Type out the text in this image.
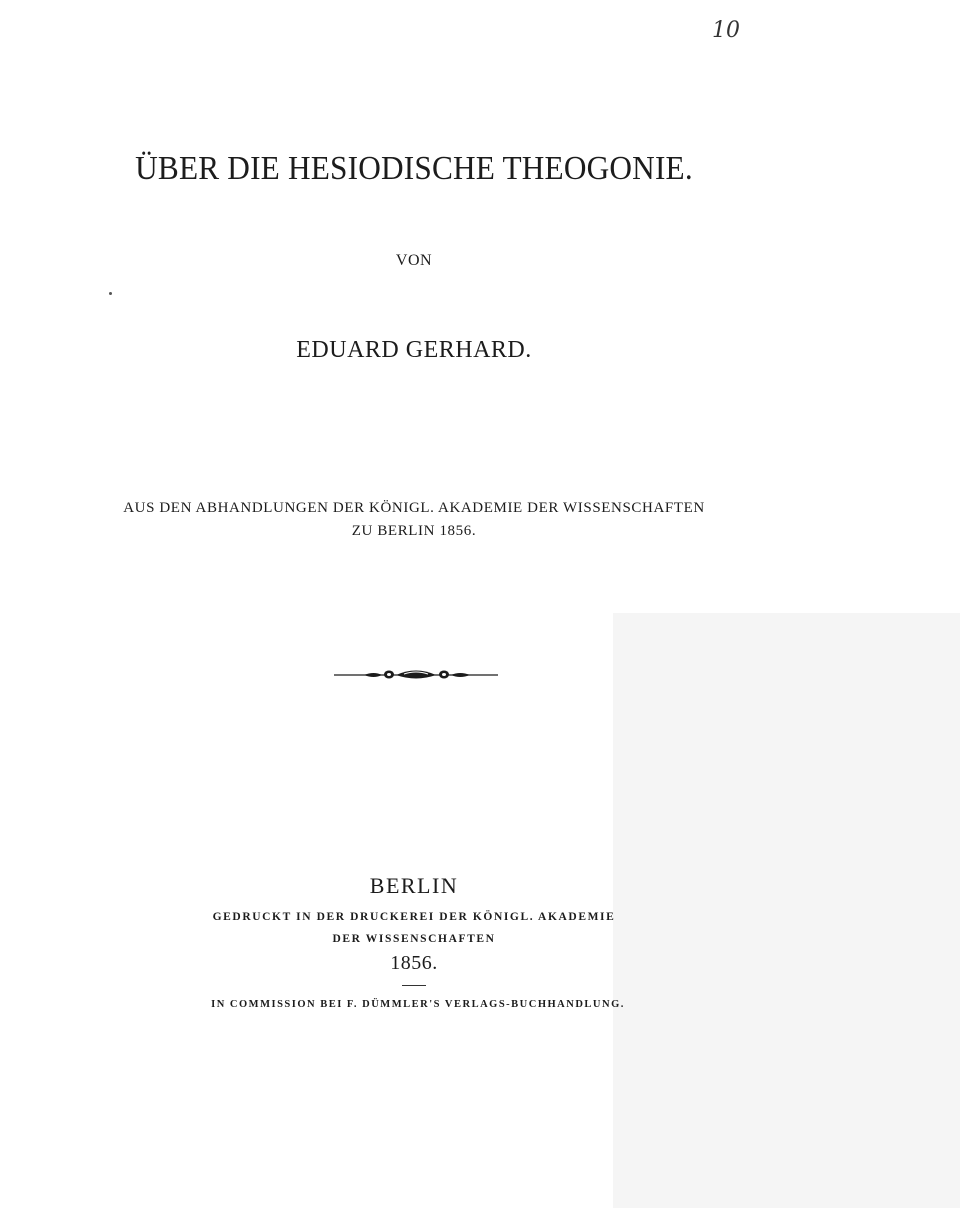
10
ÜBER DIE HESIODISCHE THEOGONIE.
VON
EDUARD GERHARD.
AUS DEN ABHANDLUNGEN DER KÖNIGL. AKADEMIE DER WISSENSCHAFTEN
ZU BERLIN 1856.
BERLIN
GEDRUCKT IN DER DRUCKEREI DER KÖNIGL. AKADEMIE
DER WISSENSCHAFTEN
1856.
IN COMMISSION BEI F. DÜMMLER'S VERLAGS-BUCHHANDLUNG.
